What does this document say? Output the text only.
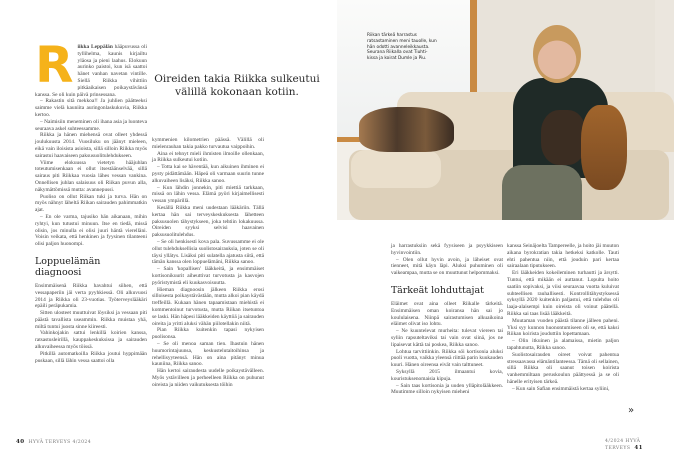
Oireiden takia Riikka sulkeutui välillä kokonaan kotiin.
R iikka Leppälän hääpuvussa oli tyllihelma, kaunis kirjailtu yläosa ja pieni laahus. Elokuun aurinko paistoi, kun isä saattoi hänet vanhan navetan vintille. Siellä Riikka vihittiin pitkäaikaisen poikaystävänsä kanssa. Se oli kuin päivä prinsessana.

– Rakastin sitä mekkoa!! Ja juhlien päätteeksi saimme vielä kauniita auringonlaskukuvia, Riikka kertoo.

– Naimisiin meneminen oli ihana asia ja luonteva seuraava askel suhteessamme.

Riikka ja hänen miehensä ovat olleet yhdessä joulukuusta 2014. Vuosiluku on jäänyt mieleen, eikä vain iloisista asioista, sillä silloin Riikka myös sairastui haavaiseen paksusuolitulehdukseen.

Viime elokuussa vietetyn hääjuhlan toteutumisenkaan ei ollut itsestäänselvää, sillä sairaus piti Riikkaa vuosia lähes vessan vankina. Onnellisen juhlan salaisuus oli Riikan puvun alla, näkymättömissä mutta: avannepussi.

Puoliso on ollut Riikan tuki ja turva. Hän on myös nähnyt läheltä Riikan sairauden pahimmatkin ajat.

– En ole varma, tajusiko hän aikanaan, mihin ryhtyi, kun tutustui minuun. Itse en tiedä, missä olisin, jos minulla ei olisi juuri häntä vierelläni. Voisin veikata, että henkinen ja fyysinen tilanteeni olisi paljon huonompi.

Loppuelämän diagnoosi

Ensimmäisenä Riikka havahtui siihen, että vessapaperiin jäi verta pyyhkiessä. Oli alkuvuosi 2014 ja Riikka oli 23-vuotias. Työterveyslääkäri epäili peräpukamia.

Sitten ulosteet muuttuivat löysiksi ja vessaan piti päästä tavallista useammin. Riikka muistaa yhä, miltä tuntui juosta sinne kiireesti.

Vahinkojakin sattui lenkillä koirien kanssa, ratsastusleirillä, kauppakeskuksissa ja sairauden alkuvaiheessa myös töissä.

Pitkillä automatkoilla Riikka joutui hyppimään puskaan, sillä lähin vessa saattoi olla

kymmenien kilometrien päässä. Välillä oli mielenrauhan takia pakko turvautua vaippoihin.

Aina ei tehnyt mieli ihmisten ilmoille ollenkaan, ja Riikka sulkeutui kotiin.

– Totta kai se häventää, kun aikuinen ihminen ei pysty pidättämään. Häpeä oli varmaan suurin tunne alkuvaiheen lisäksi, Riikka sanoo.

– Kun lähdin jonnekin, piti miettiä tarkkaan, missä on lähin vessa. Elämä pyöri kirjaimellisesti vessan ympärillä.

Kesällä Riikka meni uudestaan lääkäriin. Tällä kertaa hän sai terveyskeskuksesta lähetteen paksusuolen tähystykseen, joka tehtiin lokakuussa. Oireiden syyksi selvisi haavainen paksusuolitulehdus.

– Se oli henkisesti kova pala. Suvussamme ei ole ollut tulehduksellisia suolistosairauksia, joten se oli täysi yllätys. Lisäksi piti sulatella ajatusta siitä, että tämän kanssa olen loppuelämäni, Riikka sanoo.

– Sain 'kopallisen' lääkkeitä, ja ensimmäiset kortisonikuurit aiheuttivat turvotusta ja kasvojen pyöristymistä eli kuukasvoisuutta.

Hieman diagnoosin jälkeen Riikka erosi silloisesta poikaystävästään, mutta alkoi pian käydä treffeillä. Kukaan hänen tapaamistaan miehistä ei kommentoinut turvotusta, mutta Riikan itsetuntoa se laski. Hän häpesi lääkkeiden käyttöä ja sairauden oireita ja yritti aluksi vähän piilotellakin niitä.

Pian Riikka kuitenkin tapasi nykyisen puolisonsa.

– Se oli menoa saman tien. Ihastuin hänen huumorintajuunsa, keskustelutaitoihinsa ja rehellisyyteensä. Hän on aina pitänyt minua kauniina, Riikka sanoo.

Hän kertoi sairaudesta uudelle poikaystävälleen. Myös ystävilleen ja perheelleen Riikka on puhunut oireista ja niiden vaikutuksesta töihin

40 HYVÄ TERVEYS 4/2024
Riikan tärkeä harrastus ratsastaminen meni tauolle, kun hän odotti avanneleikkausta. Seurana Riikalla ovat Tiuhti-kissa ja koirat Dumle ja Piu.

ja harrastuksiin sekä fyysiseen ja psyykkiseen hyvinvointiin.

– Olen ollut hyvin avoin, ja läheiset ovat tienneet, mitä käyn läpi. Aluksi puhuminen oli vaikeampaa, mutta se on muuttunut helpommaksi.

Tärkeät lohduttajat

Eläimet ovat aina olleet Riikalle tärkeitä. Ensimmäisen oman koiransa hän sai jo koululaisena. Niinpä sairastumisen alkuaikoina eläimet olivat iso lohtu.

– Ne kuuntelevat murheita: tulevat viereen tai syliin rapsuteltaviksi tai vain ovat siinä, jos ne lipaisevat kättä tai poskea, Riikka sanoo.

Lohtua tarvittiinkin. Riikka söi kortisonia aluksi puoli vuotta, vaikka yleensä riittää parin kuukauden kuuri. Hänen oireensa eivät vain talttuneet.

Syksyllä 2015 ilmaantui kovia, kouristuksenomaisia kipuja.

– Sain taas kortisonia ja uuden ylläpitolääkkeen. Muutimme silloin nykyisen mieheni

kanssa Seinäjoelta Tampereelle, ja hoito jäi muuton aikana byrokratian takia hetkeksi katkolle. Tauti ehti pahentua niin, että jouduin pari kertaa sairaalaan tiputukseen.

Eri lääkkeiden kokeileminen turhautti ja ärsytti. Tuntui, että mikään ei auttanut. Lopulta hoito saatiin sopivaksi, ja viisi seuraavaa vuotta kuluivat suhteellisen rauhallisesti. Kontrollitähystyksessä syksyllä 2020 kuitenkin paljastui, että tulehdus oli laaja-alaisempi kuin oireista oli voinut päätellä. Riikka sai taas lisää lääkkeitä.

Muutaman vuoden päästä tilanne jälleen paheni. Yksi syy kunnon huonontumiseen oli se, että kaksi Riikan koirista jouduttiin lopettamaan.

– Olin itkuinen ja alamaissa, mietin paljon tapahtunutta, Riikka sanoo.

Suolistosairauden oireet voivat pahentua stressaavassa elämäntilanteessa. Tämä oli sellainen, sillä Riikka oli saanut toisen koirista vanhemmiltaan peruskoulun päättyessä ja se oli hänelle erityisen tärkeä.

– Kun sain Safian ensimmäistä kertaa syliini,

4/2024 HYVÄ TERVEYS 41
»
